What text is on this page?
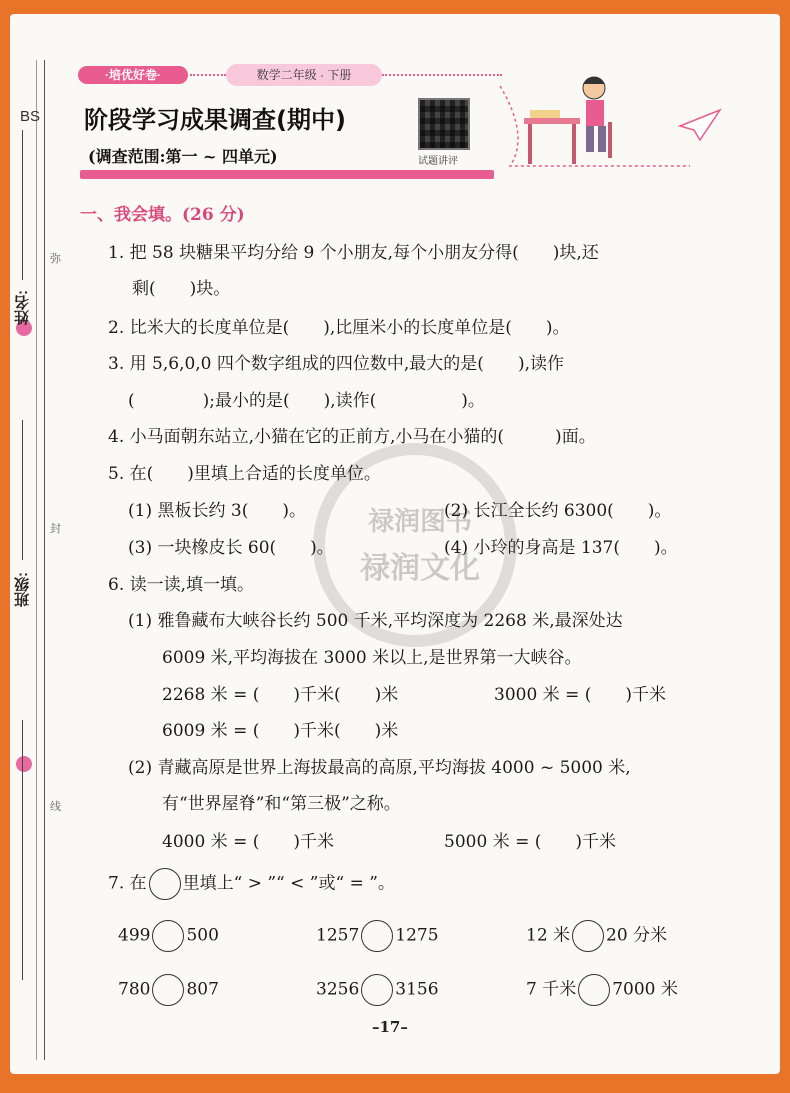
BS
姓名:
班级:
弥
封
线
·培优好卷·	数学二年级 · 下册
阶段学习成果调查(期中)
(调查范围:第一 ~ 四单元)	试题讲评
禄润图书
禄润文化
一、我会填。(26 分)
1. 把 58 块糖果平均分给 9 个小朋友,每个小朋友分得(　　)块,还
剩(　　)块。
2. 比米大的长度单位是(　　),比厘米小的长度单位是(　　)。
3. 用 5,6,0,0 四个数字组成的四位数中,最大的是(　　),读作
(　　　　);最小的是(　　),读作(　　　　　)。
4. 小马面朝东站立,小猫在它的正前方,小马在小猫的(　　　)面。
5. 在(　　)里填上合适的长度单位。
(1) 黑板长约 3(　　)。	(2) 长江全长约 6300(　　)。
(3) 一块橡皮长 60(　　)。	(4) 小玲的身高是 137(　　)。
6. 读一读,填一填。
(1) 雅鲁藏布大峡谷长约 500 千米,平均深度为 2268 米,最深处达
6009 米,平均海拔在 3000 米以上,是世界第一大峡谷。
2268 米 = (　　)千米(　　)米	3000 米 = (　　)千米
6009 米 = (　　)千米(　　)米
(2) 青藏高原是世界上海拔最高的高原,平均海拔 4000 ~ 5000 米,
有“世界屋脊”和“第三极”之称。
4000 米 = (　　)千米	5000 米 = (　　)千米
7. 在 里填上“ > ”“ < ”或“ = ”。
499 500	1257 1275	12 米 20 分米
780 807	3256 3156	7 千米 7000 米
–17–
